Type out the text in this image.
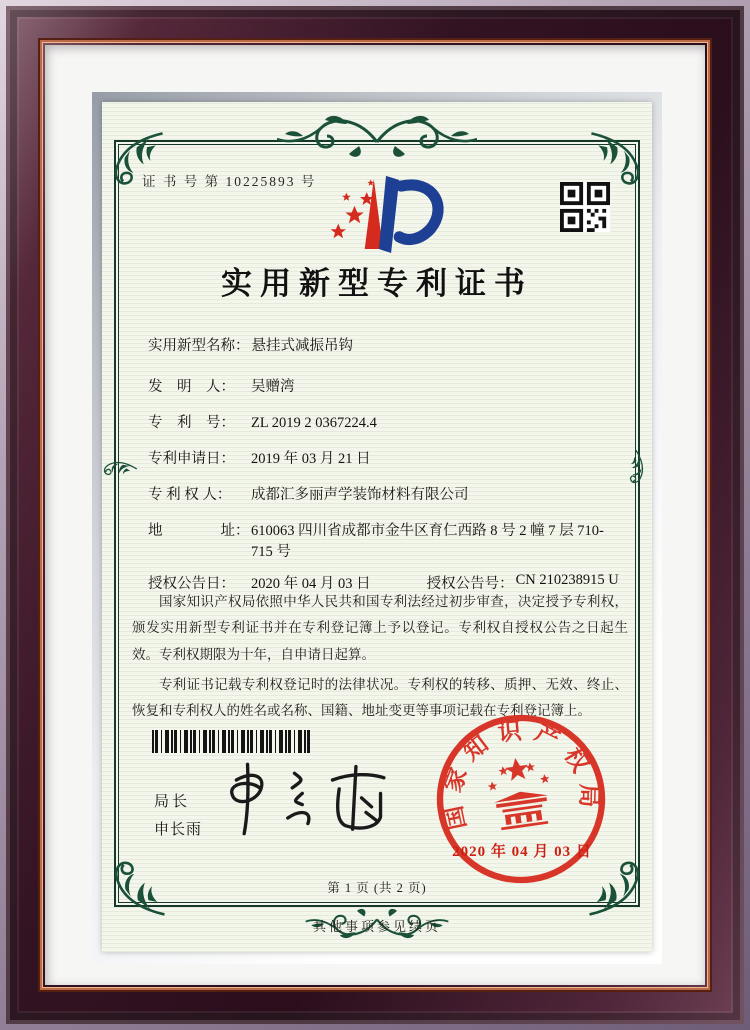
证 书 号 第 10225893 号
实用新型专利证书
实用新型名称： 悬挂式减振吊钩
发　明　人：	吴赠湾
专　利　号：	ZL 2019 2 0367224.4
专利申请日：	2019 年 03 月 21 日
专 利 权 人：	成都汇多丽声学装饰材料有限公司
地　　　　址： 610063 四川省成都市金牛区育仁西路 8 号 2 幢 7 层 710-715 号
授权公告日：	2020 年 04 月 03 日	授权公告号： CN 210238915 U

国家知识产权局依照中华人民共和国专利法经过初步审查，决定授予专利权，颁发实用新型专利证书并在专利登记簿上予以登记。专利权自授权公告之日起生效。专利权期限为十年，自申请日起算。

专利证书记载专利权登记时的法律状况。专利权的转移、质押、无效、终止、恢复和专利权人的姓名或名称、国籍、地址变更等事项记载在专利登记簿上。

局长
申长雨	国家知识产权局
2020 年 04 月 03 日
第 1 页 (共 2 页)
其他事项参见续页
